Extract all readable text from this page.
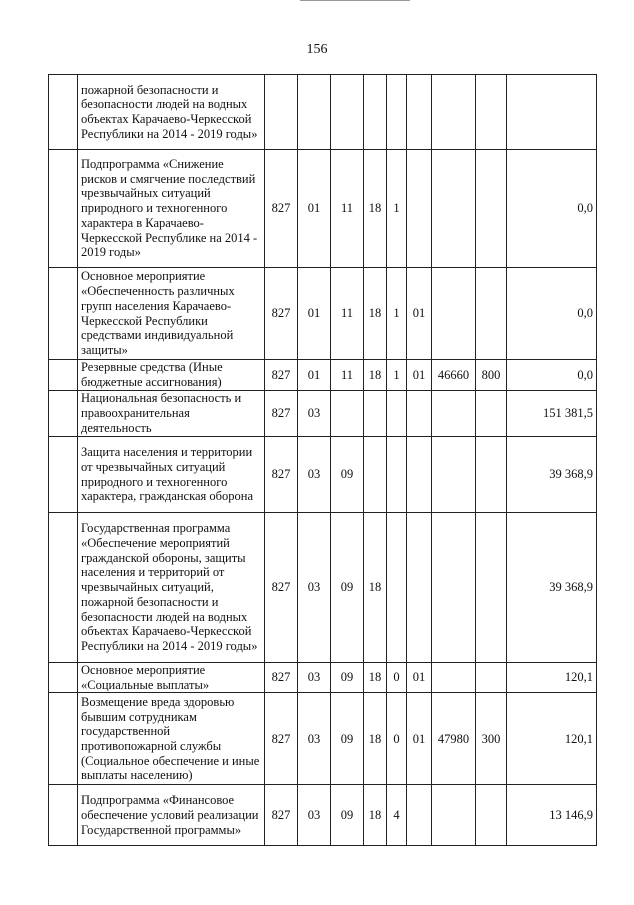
156
	пожарной безопасности и безопасности людей на водных объектах Карачаево-Черкесской Республики на 2014 - 2019 годы»									
	Подпрограмма «Снижение рисков и смягчение последствий чрезвычайных ситуаций природного и техногенного характера в Карачаево-Черкесской Республике на 2014 - 2019 годы»	827	01	11	18	1				0,0
	Основное мероприятие «Обеспеченность различных групп населения Карачаево-Черкесской Республики средствами индивидуальной защиты»	827	01	11	18	1	01			0,0
	Резервные средства (Иные бюджетные ассигнования)	827	01	11	18	1	01	46660	800	0,0
	Национальная безопасность и правоохранительная деятельность	827	03							151 381,5
	Защита населения и территории от чрезвычайных ситуаций природного и техногенного характера, гражданская оборона	827	03	09						39 368,9
	Государственная программа «Обеспечение мероприятий гражданской обороны, защиты населения и территорий от чрезвычайных ситуаций, пожарной безопасности и безопасности людей на водных объектах Карачаево-Черкесской Республики на 2014 - 2019 годы»	827	03	09	18					39 368,9
	Основное мероприятие «Социальные выплаты»	827	03	09	18	0	01			120,1
	Возмещение вреда здоровью бывшим сотрудникам государственной противопожарной службы (Социальное обеспечение и иные выплаты населению)	827	03	09	18	0	01	47980	300	120,1
	Подпрограмма «Финансовое обеспечение условий реализации Государственной программы»	827	03	09	18	4				13 146,9
